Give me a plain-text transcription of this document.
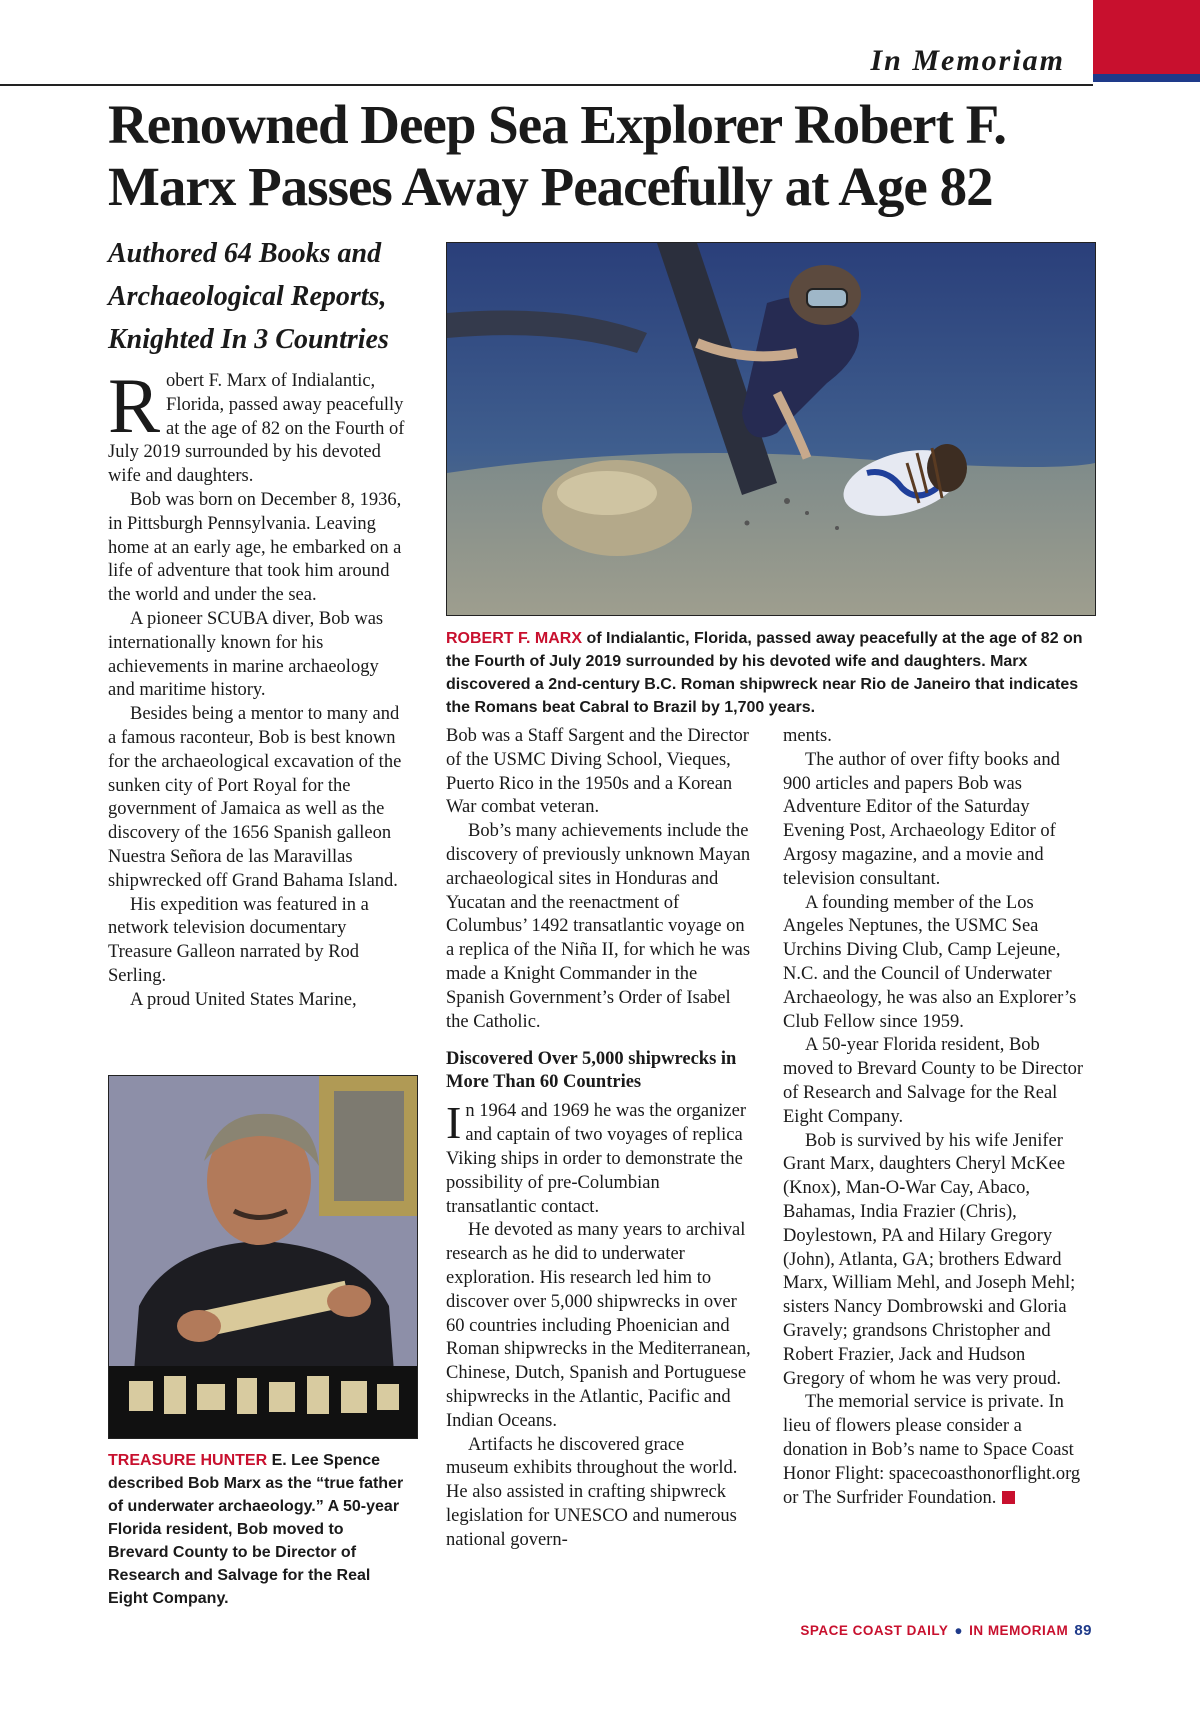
In Memoriam
Renowned Deep Sea Explorer Robert F. Marx Passes Away Peacefully at Age 82
Authored 64 Books and Archaeological Reports, Knighted In 3 Countries
ROBERT F. MARX of Indialantic, Florida, passed away peacefully at the age of 82 on the Fourth of July 2019 surrounded by his devoted wife and daughters. Marx discovered a 2nd-century B.C. Roman shipwreck near Rio de Janeiro that indicates the Romans beat Cabral to Brazil by 1,700 years.

Robert F. Marx of Indialantic, Florida, passed away peacefully at the age of 82 on the Fourth of July 2019 surrounded by his devoted wife and daughters.

Bob was born on December 8, 1936, in Pittsburgh Pennsylvania. Leaving home at an early age, he embarked on a life of adventure that took him around the world and under the sea.

A pioneer SCUBA diver, Bob was internationally known for his achievements in marine archaeology and maritime history.

Besides being a mentor to many and a famous raconteur, Bob is best known for the archaeological excavation of the sunken city of Port Royal for the government of Jamaica as well as the discovery of the 1656 Spanish galleon Nuestra Señora de las Maravillas shipwrecked off Grand Bahama Island.

His expedition was featured in a network television documentary Treasure Galleon narrated by Rod Serling.

A proud United States Marine,

TREASURE HUNTER E. Lee Spence described Bob Marx as the “true father of underwater archaeology.” A 50-year Florida resident, Bob moved to Brevard County to be Director of Research and Salvage for the Real Eight Company.

Bob was a Staff Sargent and the Director of the USMC Diving School, Vieques, Puerto Rico in the 1950s and a Korean War combat veteran.

Bob’s many achievements include the discovery of previously unknown Mayan archaeological sites in Honduras and Yucatan and the reenactment of Columbus’ 1492 transatlantic voyage on a replica of the Niña II, for which he was made a Knight Commander in the Spanish Government’s Order of Isabel the Catholic.

Discovered Over 5,000 shipwrecks in More Than 60 Countries

In 1964 and 1969 he was the organizer and captain of two voyages of replica Viking ships in order to demonstrate the possibility of pre-Columbian transatlantic contact.

He devoted as many years to archival research as he did to underwater exploration. His research led him to discover over 5,000 shipwrecks in over 60 countries including Phoenician and Roman shipwrecks in the Mediterranean, Chinese, Dutch, Spanish and Portuguese shipwrecks in the Atlantic, Pacific and Indian Oceans.

Artifacts he discovered grace museum exhibits throughout the world. He also assisted in crafting shipwreck legislation for UNESCO and numerous national govern-

ments.

The author of over fifty books and 900 articles and papers Bob was Adventure Editor of the Saturday Evening Post, Archaeology Editor of Argosy magazine, and a movie and television consultant.

A founding member of the Los Angeles Neptunes, the USMC Sea Urchins Diving Club, Camp Lejeune, N.C. and the Council of Underwater Archaeology, he was also an Explorer’s Club Fellow since 1959.

A 50-year Florida resident, Bob moved to Brevard County to be Director of Research and Salvage for the Real Eight Company.

Bob is survived by his wife Jenifer Grant Marx, daughters Cheryl McKee (Knox), Man-O-War Cay, Abaco, Bahamas, India Frazier (Chris), Doylestown, PA and Hilary Gregory (John), Atlanta, GA; brothers Edward Marx, William Mehl, and Joseph Mehl; sisters Nancy Dombrowski and Gloria Gravely; grandsons Christopher and Robert Frazier, Jack and Hudson Gregory of whom he was very proud.

The memorial service is private. In lieu of flowers please consider a donation in Bob’s name to Space Coast Honor Flight: spacecoasthonorflight.org or The Surfrider Foundation.

SPACE COAST DAILY ● IN MEMORIAM 89
